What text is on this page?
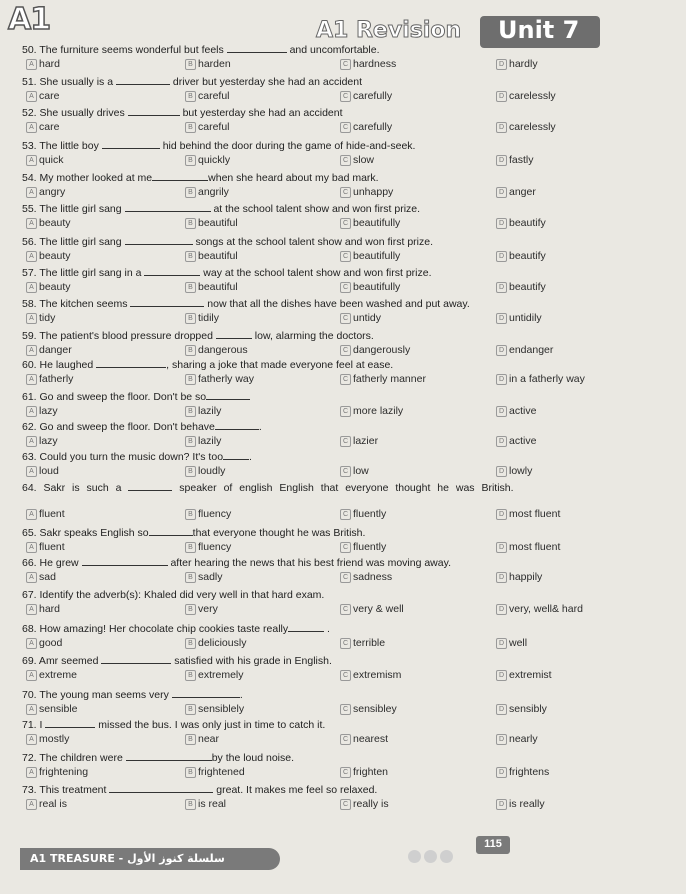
A1	A1 Revision Unit 7
50. The furniture seems wonderful but feels	and uncomfortable.
A hard	B harden	C hardness	D hardly
51. She usually is a	driver but yesterday she had an accident
A care	B careful	C carefully	D carelessly
52. She usually drives	but yesterday she had an accident
A care	B careful	C carefully	D carelessly
53. The little boy	hid behind the door during the game of hide-and-seek.
A quick	B quickly	C slow	D fastly
54. My mother looked at me	when she heard about my bad mark.
A angry	B angrily	C unhappy	D anger
55. The little girl sang	at the school talent show and won first prize.
A beauty	B beautiful	C beautifully	D beautify
56. The little girl sang	songs at the school talent show and won first prize.
A beauty	B beautiful	C beautifully	D beautify
57. The little girl sang in a	way at the school talent show and won first prize.
A beauty	B beautiful	C beautifully	D beautify
58. The kitchen seems	now that all the dishes have been washed and put away.
A tidy	B tidily	C untidy	D untidily
59. The patient's blood pressure dropped	low, alarming the doctors.
A danger	B dangerous	C dangerously	D endanger
60. He laughed	, sharing a joke that made everyone feel at ease.
A fatherly	B fatherly way	C fatherly manner	D in a fatherly way
61. Go and sweep the floor. Don't be so
A lazy	B lazily	C more lazily	D active
62. Go and sweep the floor. Don't behave	.
A lazy	B lazily	C lazier	D active
63. Could you turn the music down? It's too .
A loud	B loudly	C low	D lowly
64. Sakr is such a	speaker of english English that everyone thought he was British.
A fluent	B fluency	C fluently	D most fluent
65. Sakr speaks English so	that everyone thought he was British.
A fluent	B fluency	C fluently	D most fluent
66. He grew	after hearing the news that his best friend was moving away.
A sad	B sadly	C sadness	D happily
67. Identify the adverb(s): Khaled did very well in that hard exam.
A hard	B very	C very & well	D very, well& hard
68. How amazing! Her chocolate chip cookies taste really	.
A good	B deliciously	C terrible	D well
69. Amr seemed	satisfied with his grade in English.
A extreme	B extremely	C extremism	D extremist
70. The young man seems very	.
A sensible	B sensiblely	C sensibley	D sensibly
71. I	missed the bus. I was only just in time to catch it.
A mostly	B near	C nearest	D nearly
72. The children were	by the loud noise.
A frightening	B frightened	C frighten	D frightens
73. This treatment	great. It makes me feel so relaxed.
A real is	B is real	C really is	D is really
A1 TREASURE - سلسلة كنوز الأول
115
